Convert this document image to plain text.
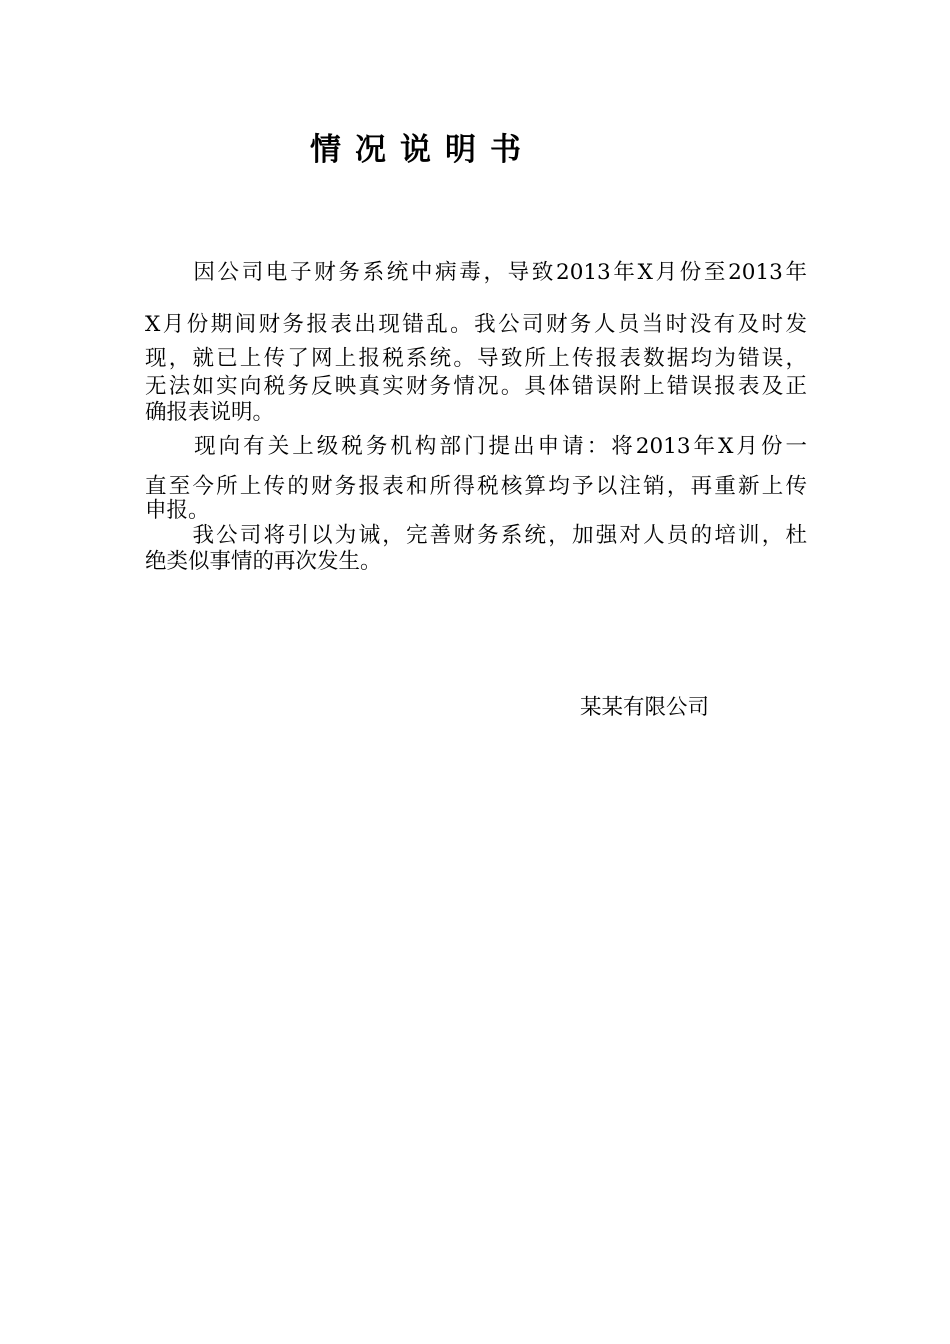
情况说明书
　　因公司电子财务系统中病毒，导致2013年X月份至2013年
X月份期间财务报表出现错乱。我公司财务人员当时没有及时发
现，就已上传了网上报税系统。导致所上传报表数据均为错误，
无法如实向税务反映真实财务情况。具体错误附上错误报表及正
确报表说明。
　　现向有关上级税务机构部门提出申请：将2013年X月份一
直至今所上传的财务报表和所得税核算均予以注销，再重新上传
申报。
　　我公司将引以为诫，完善财务系统，加强对人员的培训，杜
绝类似事情的再次发生。
某某有限公司
